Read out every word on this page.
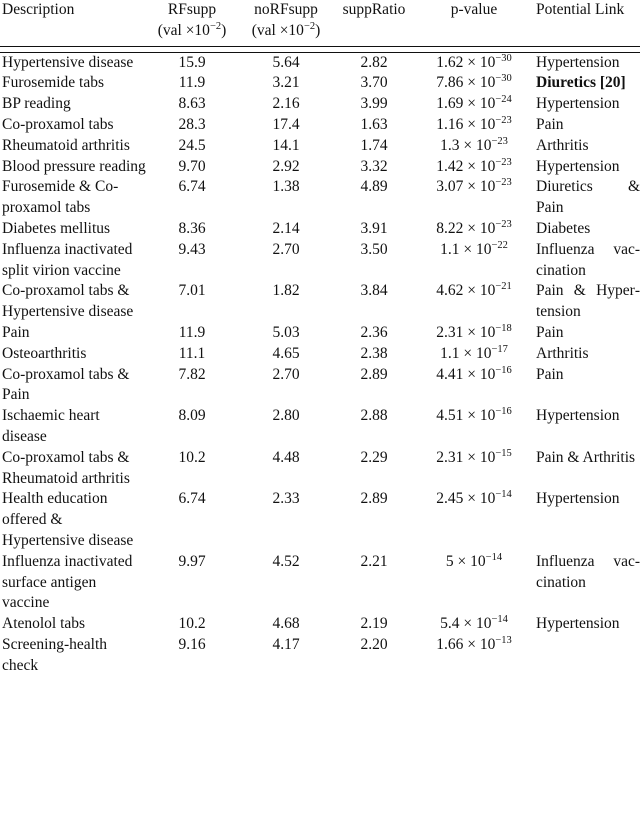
Description	RFsupp	noRFsupp	suppRatio	p-value	Potential Link
	$(val \times 10^{-2})$	$(val \times 10^{-2})$			

Hypertensive disease	15.9	5.64	2.82	$1.62 \times 10^{-30}$	Hypertension
Furosemide tabs	11.9	3.21	3.70	$7.86 \times 10^{-30}$	Diuretics [20]
BP reading	8.63	2.16	3.99	$1.69 \times 10^{-24}$	Hypertension
Co-proxamol tabs	28.3	17.4	1.63	$1.16 \times 10^{-23}$	Pain
Rheumatoid arthritis	24.5	14.1	1.74	$1.3 \times 10^{-23}$	Arthritis
Blood pressure reading	9.70	2.92	3.32	$1.42 \times 10^{-23}$	Hypertension
Furosemide & Co-proxamol tabs	6.74	1.38	4.89	$3.07 \times 10^{-23}$	Diuretics & Pain
Diabetes mellitus	8.36	2.14	3.91	$8.22 \times 10^{-23}$	Diabetes
Influenza inactivated split virion vaccine	9.43	2.70	3.50	$1.1 \times 10^{-22}$	Influenza vaccination
Co-proxamol tabs & Hypertensive disease	7.01	1.82	3.84	$4.62 \times 10^{-21}$	Pain & Hypertension
Pain	11.9	5.03	2.36	$2.31 \times 10^{-18}$	Pain
Osteoarthritis	11.1	4.65	2.38	$1.1 \times 10^{-17}$	Arthritis
Co-proxamol tabs & Pain	7.82	2.70	2.89	$4.41 \times 10^{-16}$	Pain
Ischaemic heart disease	8.09	2.80	2.88	$4.51 \times 10^{-16}$	Hypertension
Co-proxamol tabs & Rheumatoid arthritis	10.2	4.48	2.29	$2.31 \times 10^{-15}$	Pain & Arthritis
Health education offered & Hypertensive disease	6.74	2.33	2.89	$2.45 \times 10^{-14}$	Hypertension
Influenza inactivated surface antigen vaccine	9.97	4.52	2.21	$5 \times 10^{-14}$	Influenza vaccination
Atenolol tabs	10.2	4.68	2.19	$5.4 \times 10^{-14}$	Hypertension
Screening-health check	9.16	4.17	2.20	$1.66 \times 10^{-13}$	
